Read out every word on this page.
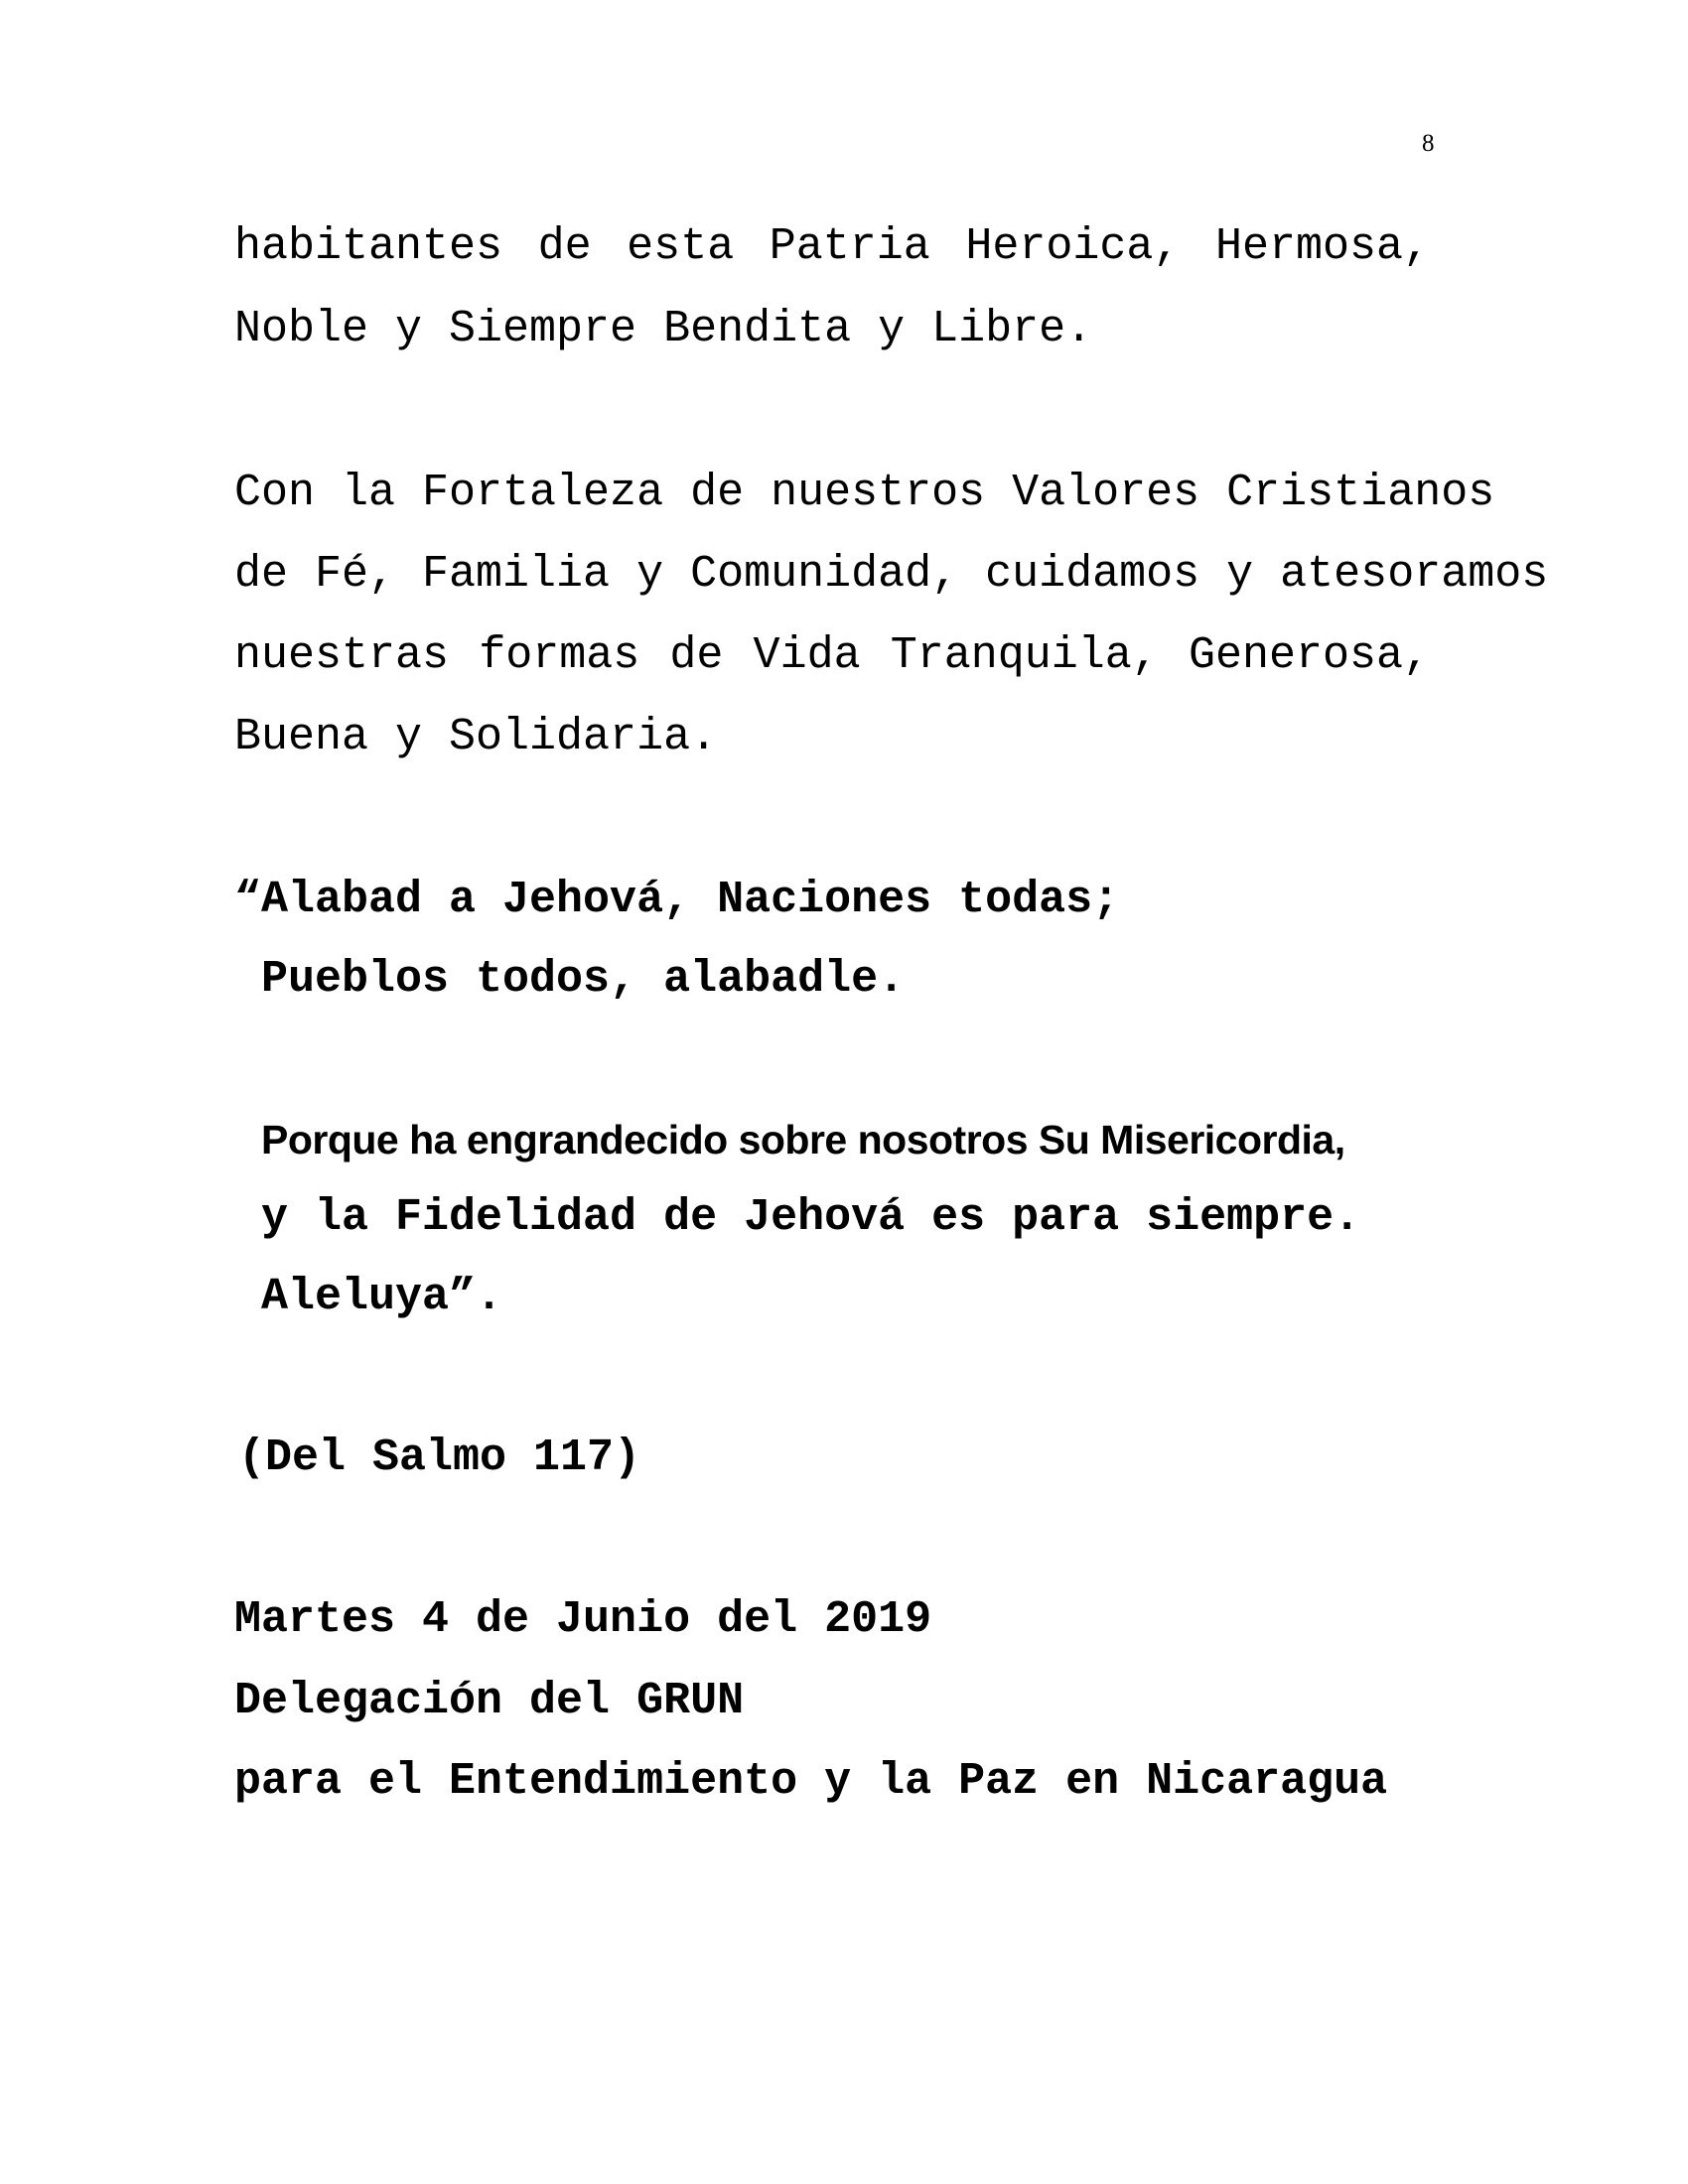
8
habitantes de esta Patria Heroica, Hermosa,
Noble y Siempre Bendita y Libre.
Con la Fortaleza de nuestros Valores Cristianos
de Fé, Familia y Comunidad, cuidamos y atesoramos
nuestras formas de Vida Tranquila, Generosa,
Buena y Solidaria.
“Alabad a Jehová, Naciones todas;
Pueblos todos, alabadle.
Porque ha engrandecido sobre nosotros Su Misericordia,
y la Fidelidad de Jehová es para siempre.
Aleluya”.
(Del Salmo 117)
Martes 4 de Junio del 2019
Delegación del GRUN
para el Entendimiento y la Paz en Nicaragua
